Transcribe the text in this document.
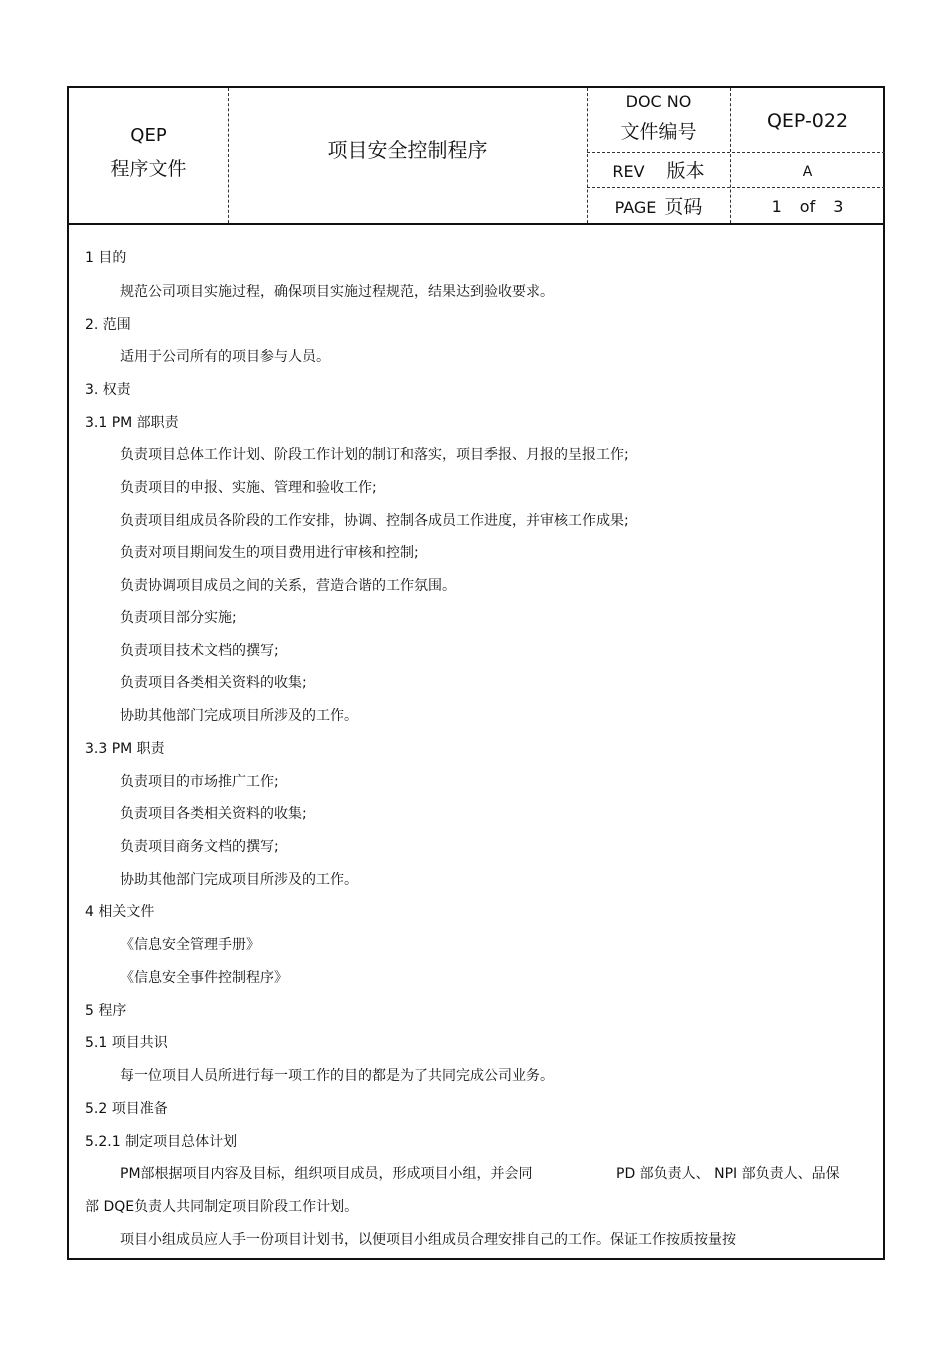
QEP
程序文件
项目安全控制程序
DOC NO
文件编号	QEP-022
REV 版本	A
PAGE 页码	1 of 3
1 目的
规范公司项目实施过程，确保项目实施过程规范，结果达到验收要求。
2. 范围
适用于公司所有的项目参与人员。
3. 权责
3.1 PM 部职责
负责项目总体工作计划、阶段工作计划的制订和落实，项目季报、月报的呈报工作;
负责项目的申报、实施、管理和验收工作;
负责项目组成员各阶段的工作安排，协调、控制各成员工作进度，并审核工作成果;
负责对项目期间发生的项目费用进行审核和控制;
负责协调项目成员之间的关系，营造合谐的工作氛围。
负责项目部分实施;
负责项目技术文档的撰写;
负责项目各类相关资料的收集;
协助其他部门完成项目所涉及的工作。
3.3 PM 职责
负责项目的市场推广工作;
负责项目各类相关资料的收集;
负责项目商务文档的撰写;
协助其他部门完成项目所涉及的工作。
4 相关文件
《信息安全管理手册》
《信息安全事件控制程序》
5 程序
5.1 项目共识
每一位项目人员所进行每一项工作的目的都是为了共同完成公司业务。
5.2 项目准备
5.2.1 制定项目总体计划
PM部根据项目内容及目标，组织项目成员，形成项目小组，并会同	PD 部负责人、 NPI 部负责人、品保
部 DQE负责人共同制定项目阶段工作计划。
项目小组成员应人手一份项目计划书，以便项目小组成员合理安排自己的工作。保证工作按质按量按
